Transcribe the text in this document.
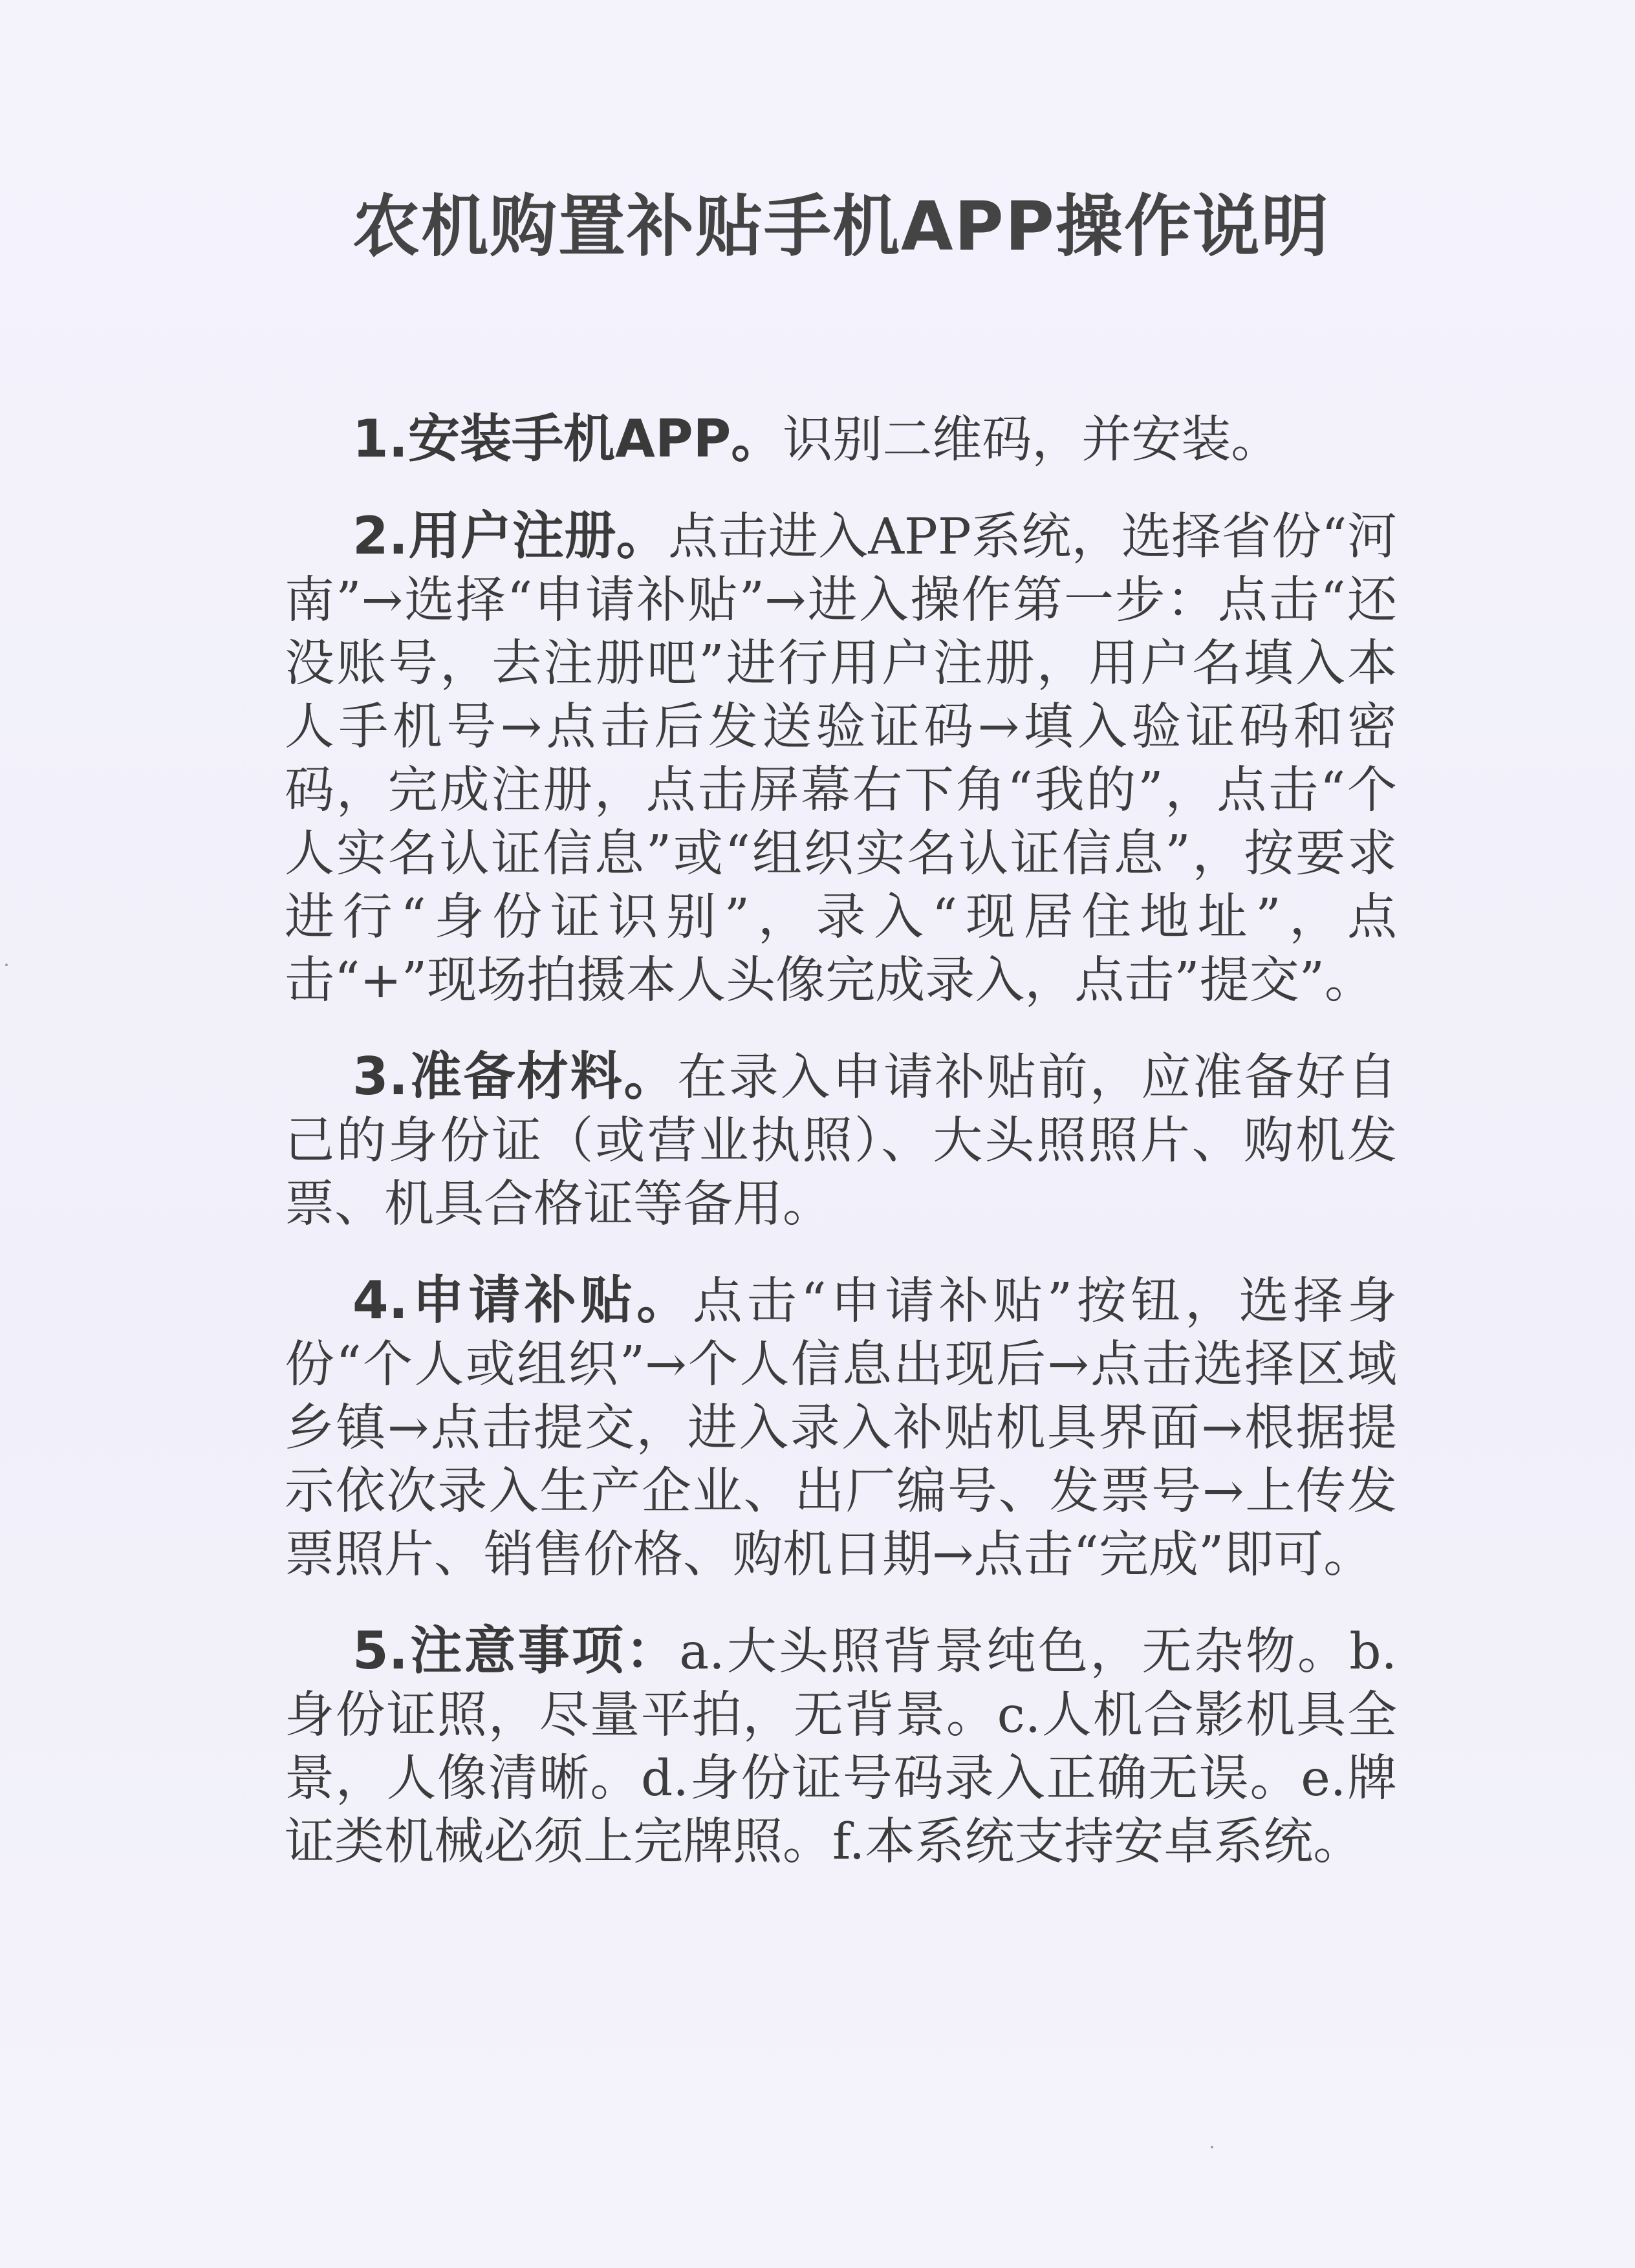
农机购置补贴手机APP操作说明

1.安装手机APP。识别二维码，并安装。

2.用户注册。点击进入APP系统，选择省份“河南”→选择“申请补贴”→进入操作第一步：点击“还没账号，去注册吧”进行用户注册，用户名填入本人手机号→点击后发送验证码→填入验证码和密码，完成注册，点击屏幕右下角“我的”，点击“个人实名认证信息”或“组织实名认证信息”，按要求进行“身份证识别”，录入“现居住地址”，点击“+”现场拍摄本人头像完成录入，点击”提交”。

3.准备材料。在录入申请补贴前，应准备好自己的身份证（或营业执照）、大头照照片、购机发票、机具合格证等备用。

4.申请补贴。点击“申请补贴”按钮，选择身份“个人或组织”→个人信息出现后→点击选择区域乡镇→点击提交，进入录入补贴机具界面→根据提示依次录入生产企业、出厂编号、发票号→上传发票照片、销售价格、购机日期→点击“完成”即可。

5.注意事项：a.大头照背景纯色，无杂物。b.身份证照，尽量平拍，无背景。c.人机合影机具全景，人像清晰。d.身份证号码录入正确无误。e.牌证类机械必须上完牌照。f.本系统支持安卓系统。
